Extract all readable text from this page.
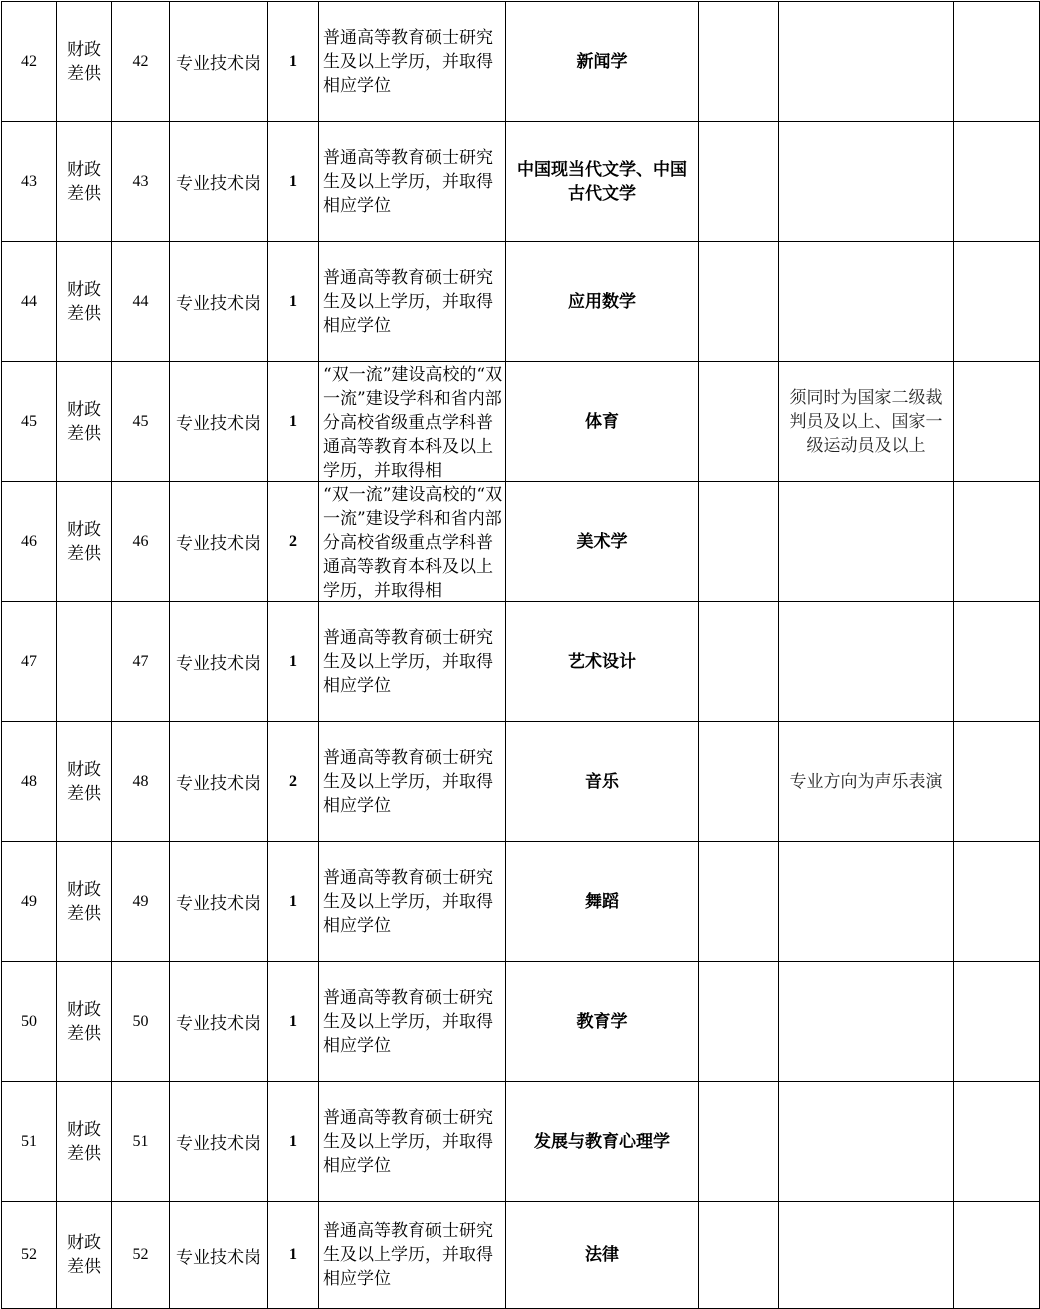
42	财政差供	42	专业技术岗	1	普通高等教育硕士研究生及以上学历，并取得相应学位	新闻学			
43	财政差供	43	专业技术岗	1	普通高等教育硕士研究生及以上学历，并取得相应学位	中国现当代文学、中国古代文学			
44	财政差供	44	专业技术岗	1	普通高等教育硕士研究生及以上学历，并取得相应学位	应用数学			
45	财政差供	45	专业技术岗	1	“双一流”建设高校的“双一流”建设学科和省内部分高校省级重点学科普通高等教育本科及以上学历，并取得相	体育		须同时为国家二级裁判员及以上、国家一级运动员及以上	
46	财政差供	46	专业技术岗	2	“双一流”建设高校的“双一流”建设学科和省内部分高校省级重点学科普通高等教育本科及以上学历，并取得相	美术学			
47		47	专业技术岗	1	普通高等教育硕士研究生及以上学历，并取得相应学位	艺术设计			
48	财政差供	48	专业技术岗	2	普通高等教育硕士研究生及以上学历，并取得相应学位	音乐		专业方向为声乐表演	
49	财政差供	49	专业技术岗	1	普通高等教育硕士研究生及以上学历，并取得相应学位	舞蹈			
50	财政差供	50	专业技术岗	1	普通高等教育硕士研究生及以上学历，并取得相应学位	教育学			
51	财政差供	51	专业技术岗	1	普通高等教育硕士研究生及以上学历，并取得相应学位	发展与教育心理学			
52	财政差供	52	专业技术岗	1	普通高等教育硕士研究生及以上学历，并取得相应学位	法律			
